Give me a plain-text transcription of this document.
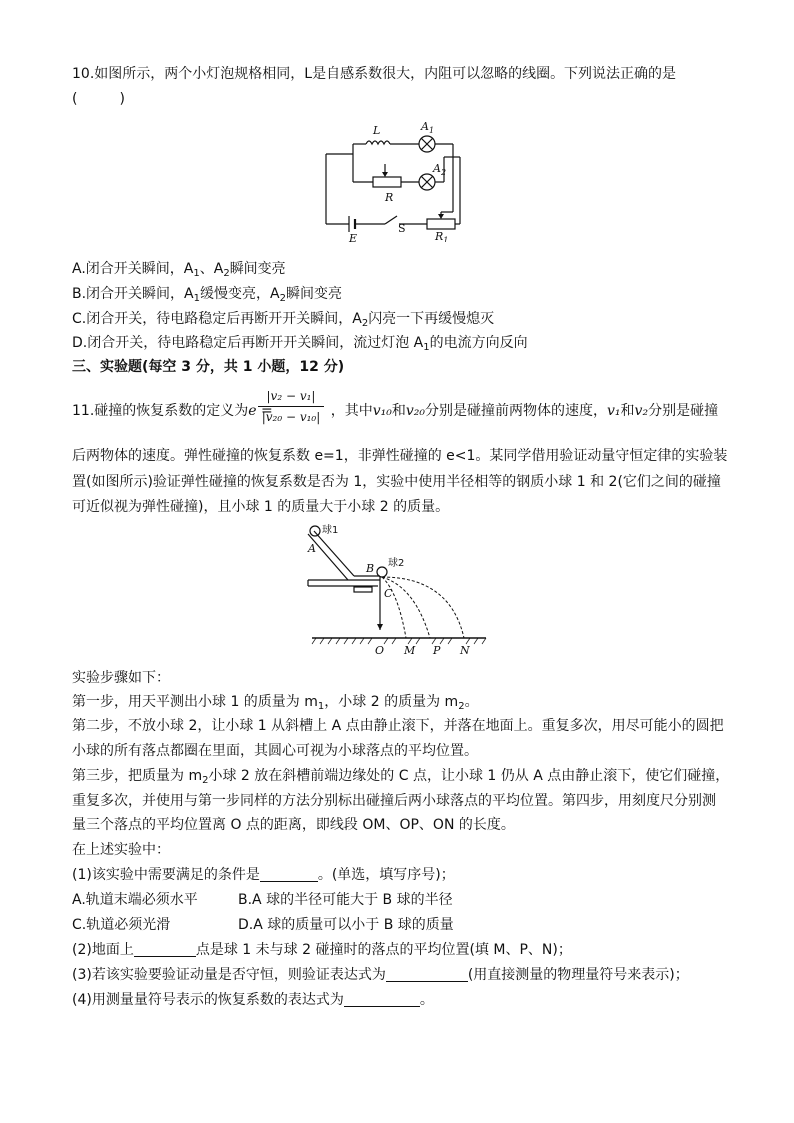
10.如图所示，两个小灯泡规格相同，L是自感系数很大，内阻可以忽略的线圈。下列说法正确的是
(　　　)
L	$A_1$
$A_2$
R
E
S
$R_1$
A.闭合开关瞬间，$A_1$、$A_2$瞬间变亮
B.闭合开关瞬间，$A_1$缓慢变亮，$A_2$瞬间变亮
C.闭合开关，待电路稳定后再断开开关瞬间，$A_2$闪亮一下再缓慢熄灭
D.闭合开关，待电路稳定后再断开开关瞬间，流过灯泡 $A_1$的电流方向反向
三、实验题(每空 3 分，共 1 小题，12 分)
11.碰撞的恢复系数的定义为e =	，其中v₁₀和v₂₀分别是碰撞前两物体的速度，v₁和v₂分别是碰撞
|v₂ − v₁|
|v₂₀ − v₁₀|
后两物体的速度。弹性碰撞的恢复系数 e=1，非弹性碰撞的 e<1。某同学借用验证动量守恒定律的实验装
置(如图所示)验证弹性碰撞的恢复系数是否为 1，实验中使用半径相等的钢质小球 1 和 2(它们之间的碰撞
可近似视为弹性碰撞)，且小球 1 的质量大于小球 2 的质量。
球1
A
B 球2
C
O M P N
实验步骤如下：
第一步，用天平测出小球 1 的质量为 $m_1$，小球 2 的质量为 $m_2$。
第二步，不放小球 2，让小球 1 从斜槽上 A 点由静止滚下，并落在地面上。重复多次，用尽可能小的圆把
小球的所有落点都圈在里面，其圆心可视为小球落点的平均位置。
第三步，把质量为 $m_2$小球 2 放在斜槽前端边缘处的 C 点，让小球 1 仍从 A 点由静止滚下，使它们碰撞，
重复多次，并使用与第一步同样的方法分别标出碰撞后两小球落点的平均位置。第四步，用刻度尺分别测
量三个落点的平均位置离 O 点的距离，即线段 OM、OP、ON 的长度。
在上述实验中：
(1)该实验中需要满足的条件是	。(单选，填写序号)；
A.轨道末端必须水平	B.A 球的半径可能大于 B 球的半径
C.轨道必须光滑	D.A 球的质量可以小于 B 球的质量
(2)地面上	点是球 1 未与球 2 碰撞时的落点的平均位置(填 M、P、N)；
(3)若该实验要验证动量是否守恒，则验证表达式为	(用直接测量的物理量符号来表示)；
(4)用测量量符号表示的恢复系数的表达式为	。
